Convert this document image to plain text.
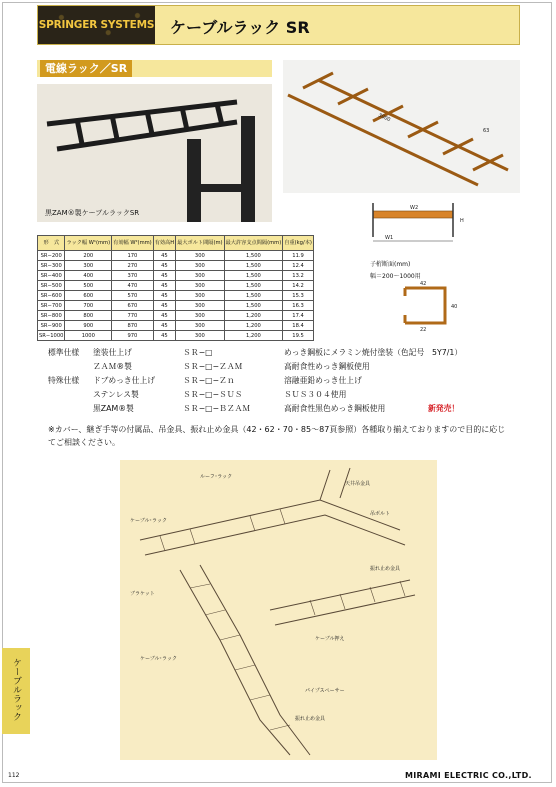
SPRINGER SYSTEMS ケーブルラック SR
電線ラック／SR
黒ZAM®製ケーブルラックSR
3000
63
W2
H
W1
子桁断面(mm)
幅＝200〜1000用
42
40
22
形　式	ラック幅 W¹(mm)	有効幅 W²(mm)	有効高H	最大ボルト間隔(m)	最大許容支点間隔(mm)	自重(kg/本)
SR−200	200	170	45	300	1,500	11.9
SR−300	300	270	45	300	1,500	12.4
SR−400	400	370	45	300	1,500	13.2
SR−500	500	470	45	300	1,500	14.2
SR−600	600	570	45	300	1,500	15.3
SR−700	700	670	45	300	1,500	16.3
SR−800	800	770	45	300	1,200	17.4
SR−900	900	870	45	300	1,200	18.4
SR−1000	1000	970	45	300	1,200	19.5
標準仕様 塗装仕上げ	ＳＲ−□	めっき鋼板にメラミン焼付塗装（色記号　5Y7/1）
ＺＡＭ®製	ＳＲ−□−ＺＡＭ	高耐食性めっき鋼板使用
特殊仕様 ドブめっき仕上げ	ＳＲ−□−Ｚｎ	溶融亜鉛めっき仕上げ
ステンレス製	ＳＲ−□−ＳＵＳ	ＳＵＳ３０４使用
黒ZAM®製	ＳＲ−□−ＢＺＡＭ	高耐食性黒色めっき鋼板使用	新発売！
※カバー、継ぎ手等の付属品、吊金具、振れ止め金具（42・62・70・85〜87頁参照）各種取り揃えておりますので目的に応じてご相談ください。
ルーフ･ラック
ケーブル･ラック
天井吊金具
吊ボルト
ブラケット
振れ止め金具
ケーブル押え
ケーブル･ラック
パイプスペーサー
振れ止め金具
ケーブルラック
112	MIRAMI ELECTRIC CO.,LTD.
